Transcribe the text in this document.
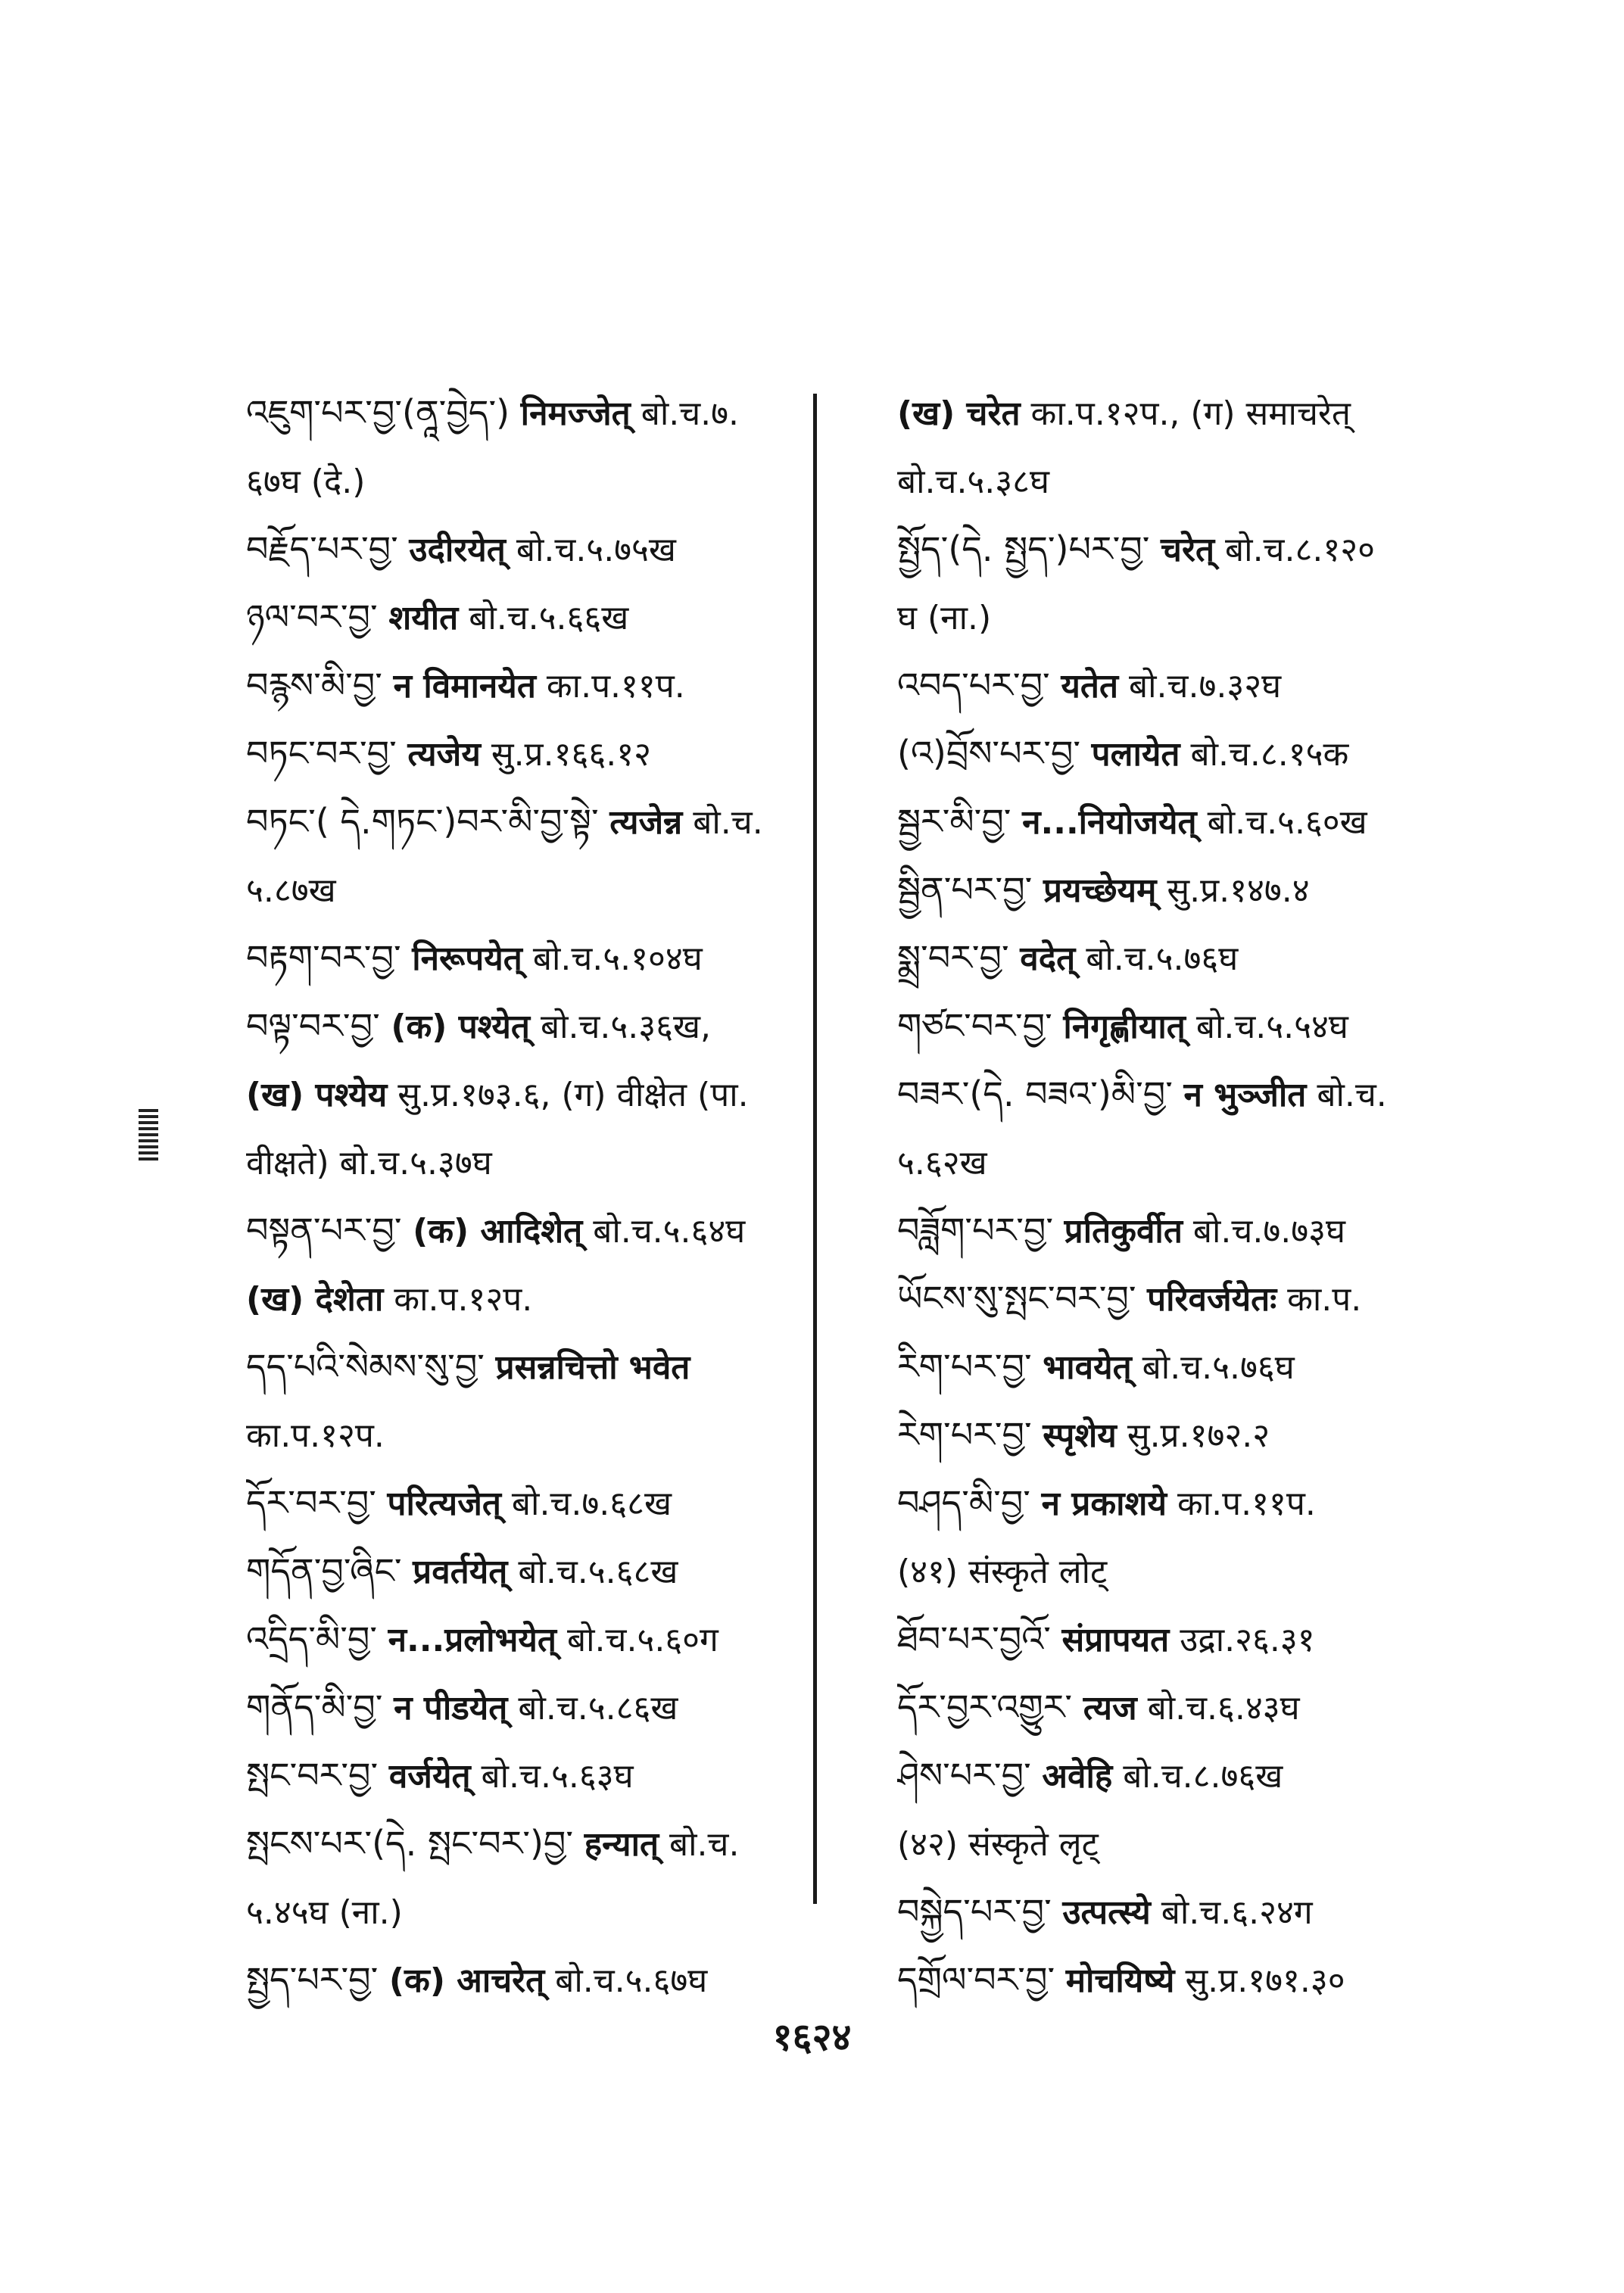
འཇུག་པར་བྱ་(ནཱ་བྱེད་) निमज्जेत् बो.च.७.
६७घ (दे.)
བརྗོད་པར་བྱ་ उदीरयेत् बो.च.५.७५ख
ཉལ་བར་བྱ་ शयीत बो.च.५.६६ख
བརྙས་མི་བྱ་ न विमानयेत का.प.११प.
བཏང་བར་བྱ་ त्यजेय सु.प्र.१६६.१२
བཏང་( དེ.གཏང་)བར་མི་བྱ་སྟེ་ त्यजेन्न बो.च.
५.८७ख
བརྟག་བར་བྱ་ निरूपयेत् बो.च.५.१०४घ
བལྟ་བར་བྱ་ (क) पश्येत् बो.च.५.३६ख,
(ख) पश्येय सु.प्र.१७३.६, (ग) वीक्षेत (पा.
वीक्षते) बो.च.५.३७घ
བསྟན་པར་བྱ་ (क) आदिशेत् बो.च.५.६४घ
(ख) देशेता का.प.१२प.
དད་པའི་སེམས་སུ་བྱ་ प्रसन्नचित्तो भवेत
का.प.१२प.
དོར་བར་བྱ་ परित्यजेत् बो.च.७.६८ख
གདོན་བྱ་ཞིང་ प्रवर्तयेत् बो.च.५.६८ख
འདྲིད་མི་བྱ་ न...प्रलोभयेत् बो.च.५.६०ग
གནོད་མི་བྱ་ न पीडयेत् बो.च.५.८६ख
སྤང་བར་བྱ་ वर्जयेत् बो.च.५.६३घ
སྤངས་པར་(དེ. སྤང་བར་)བྱ་ हन्यात् बो.च.
५.४५घ (ना.)
སྤྱད་པར་བྱ་ (क) आचरेत् बो.च.५.६७घ
(ख) चरेत का.प.१२प., (ग) समाचरेत्
बो.च.५.३८घ
སྤྱོད་(དེ. སྤྱད་)པར་བྱ་ चरेत् बो.च.८.१२०
घ (ना.)
འབད་པར་བྱ་ यतेत बो.च.७.३२घ
(འ)བྲོས་པར་བྱ་ पलायेत बो.च.८.१५क
སྦྱར་མི་བྱ་ न...नियोजयेत् बो.च.५.६०ख
སྦྱིན་པར་བྱ་ प्रयच्छेयम् सु.प्र.१४७.४
སྨྲ་བར་བྱ་ वदेत् बो.च.५.७६घ
གཙང་བར་བྱ་ निगृह्णीयात् बो.च.५.५४घ
བཟར་(དེ. བཟའ་)མི་བྱ་ न भुञ्जीत बो.च.
५.६२ख
བཟློག་པར་བྱ་ प्रतिकुर्वीत बो.च.७.७३घ
ཡོངས་སུ་སྤང་བར་བྱ་ परिवर्जयेतः का.प.
རིག་པར་བྱ་ भावयेत् बो.च.५.७६घ
རེག་པར་བྱ་ स्पृशेय सु.प्र.१७२.२
བཤད་མི་བྱ་ न प्रकाशये का.प.११प.
(४१) संस्कृते लोट्
ཐོབ་པར་བྱའོ་ संप्रापयत उद्रा.२६.३१
དོར་བྱར་འགྱུར་ त्यज बो.च.६.४३घ
ཤེས་པར་བྱ་ अवेहि बो.च.८.७६ख
(४२) संस्कृते लृट्
བསྐྱེད་པར་བྱ་ उत्पत्स्ये बो.च.६.२४ग
དགྲོལ་བར་བྱ་ मोचयिष्ये सु.प्र.१७१.३०
१६२४
